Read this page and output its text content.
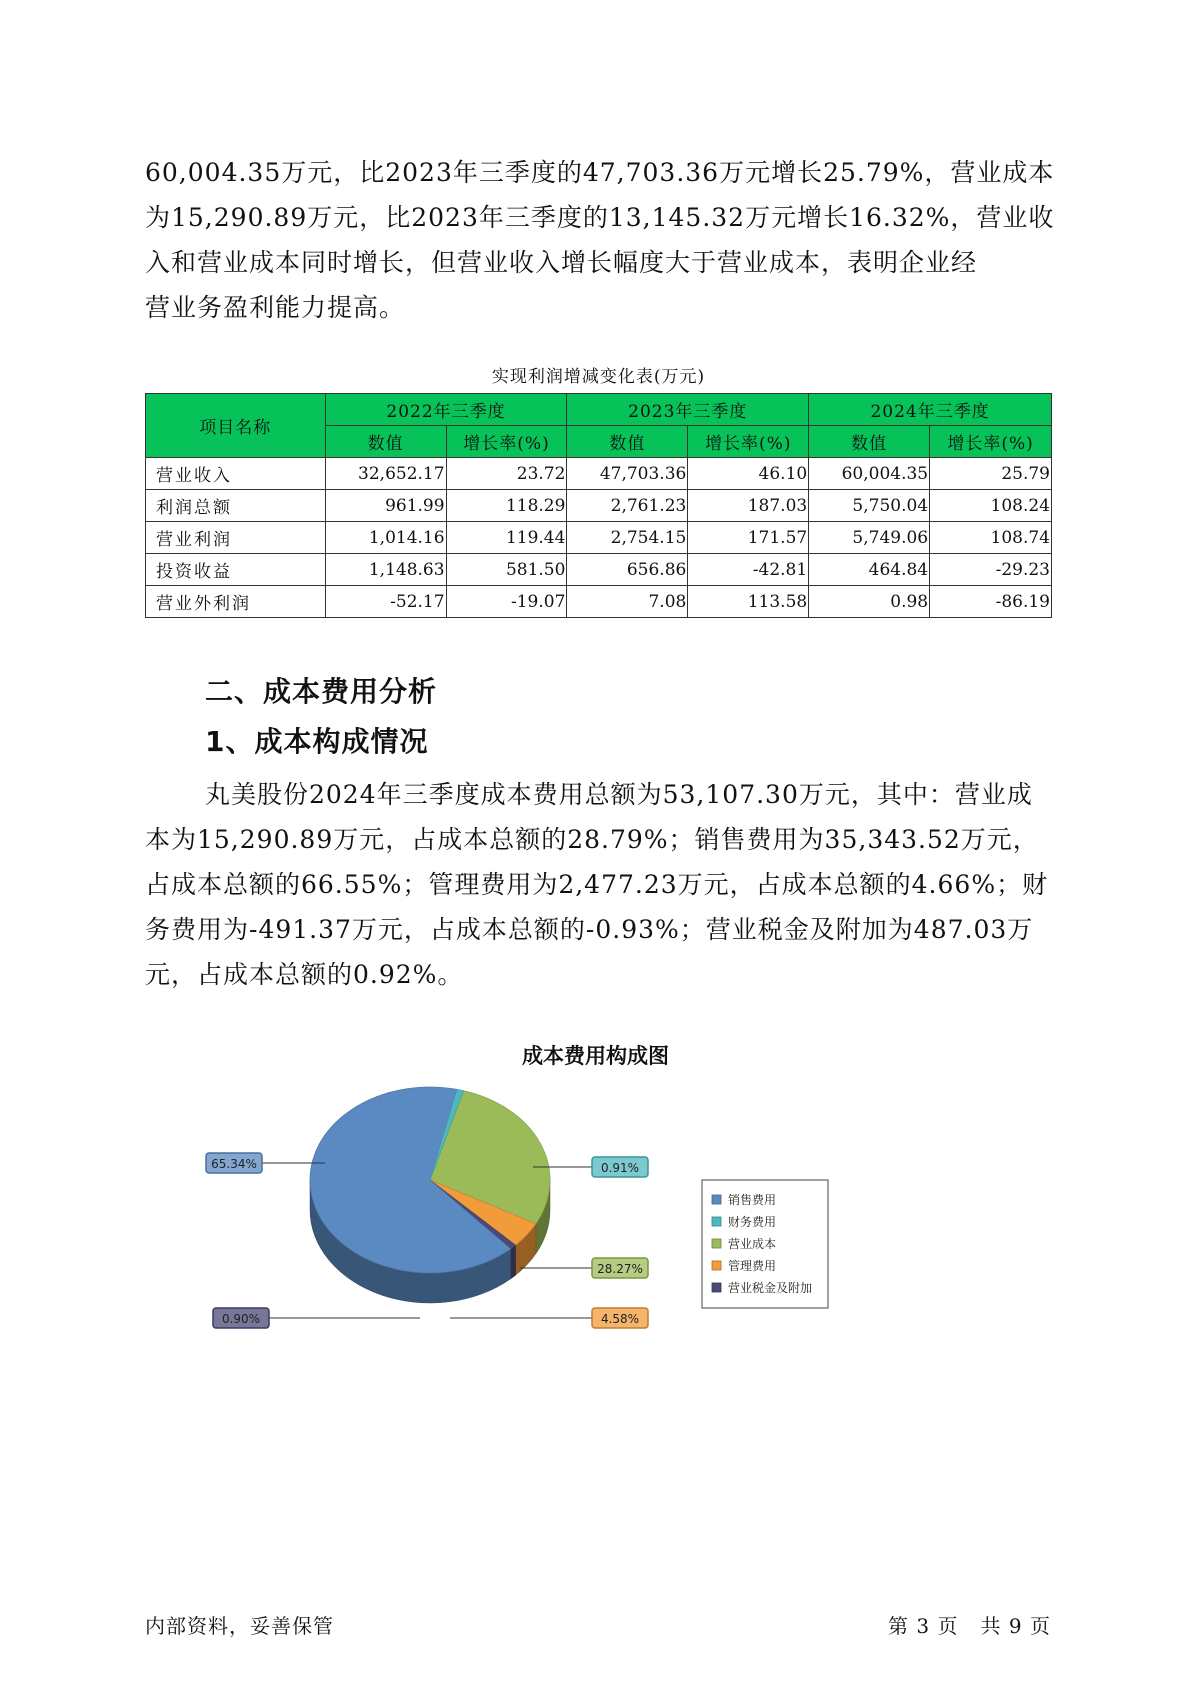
60,004.35万元，比2023年三季度的47,703.36万元增长25.79%，营业成本
为15,290.89万元，比2023年三季度的13,145.32万元增长16.32%，营业收
入和营业成本同时增长，但营业收入增长幅度大于营业成本，表明企业经
营业务盈利能力提高。
实现利润增减变化表(万元)
项目名称	2022年三季度		2023年三季度		2024年三季度	
	数值	增长率(%)	数值	增长率(%)	数值	增长率(%)
营业收入	32,652.17	23.72	47,703.36	46.10	60,004.35	25.79
利润总额	961.99	118.29	2,761.23	187.03	5,750.04	108.24
营业利润	1,014.16	119.44	2,754.15	171.57	5,749.06	108.74
投资收益	1,148.63	581.50	656.86	-42.81	464.84	-29.23
营业外利润	-52.17	-19.07	7.08	113.58	0.98	-86.19
二、成本费用分析
1、成本构成情况
丸美股份2024年三季度成本费用总额为53,107.30万元，其中：营业成
本为15,290.89万元，占成本总额的28.79%；销售费用为35,343.52万元，
占成本总额的66.55%；管理费用为2,477.23万元，占成本总额的4.66%；财
务费用为-491.37万元，占成本总额的-0.93%；营业税金及附加为487.03万
元，占成本总额的0.92%。
成本费用构成图
65.34%	0.91%
28.27%
4.58%
0.90%
销售费用
财务费用
营业成本
管理费用
营业税金及附加
内部资料，妥善保管	第 3 页   共 9 页
